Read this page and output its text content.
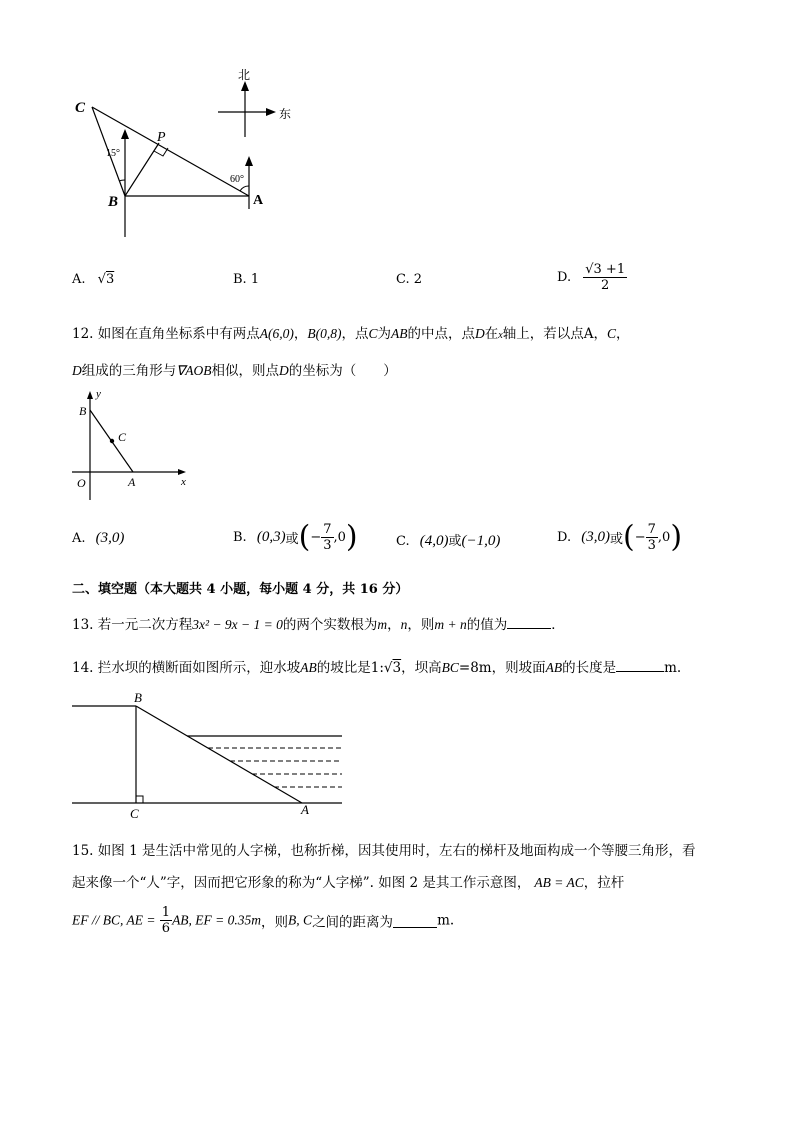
C
P
B	A
15°
60°
北
东
A. √3	B. 1	C. 2	D. $\frac{√3 +1}{2}$
12. 如图在直角坐标系中有两点A(6,0)，B(0,8)，点C为AB的中点，点D在x轴上，若以点A，C，
D组成的三角形与∇AOB相似，则点D的坐标为（　　）
y
B
C
O	A	x
A. (3,0)	B. (0,3)或(− $\frac{7}{3} ,0$)	C. (4,0)或(−1,0)	D. (3,0)或(− $\frac{7}{3} ,0$)
二、填空题（本大题共 4 小题，每小题 4 分，共 16 分）
13. 若一元二次方程3x² − 9x − 1 = 0的两个实数根为m，n，则m + n的值为	．
14. 拦水坝的横断面如图所示，迎水坡AB的坡比是1:√3，坝高BC=8m，则坡面AB的长度是	m.
B
C	A
15. 如图 1 是生活中常见的人字梯，也称折梯，因其使用时，左右的梯杆及地面构成一个等腰三角形，看
起来像一个“人”字，因而把它形象的称为“人字梯”. 如图 2 是其工作示意图， AB = AC，拉杆
EF // BC, AE = $\frac{1}{6}$ AB, EF = 0.35m，则B, C之间的距离为	m.
